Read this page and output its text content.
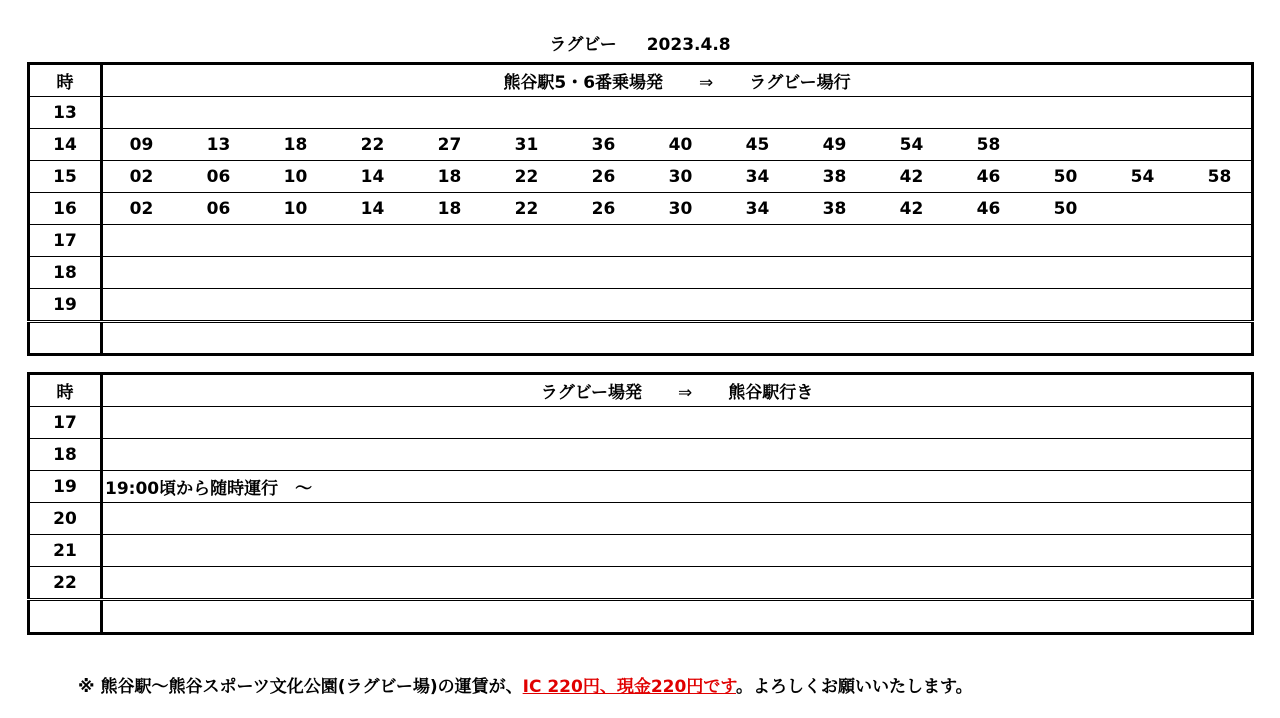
ラグビー 2023.4.8
時	熊谷駅5・6番乗場発 ⇒ ラグビー場行
13	
14	09 13 18 22 27 31 36 40 45 49 54 58
15	02 06 10 14 18 22 26 30 34 38 42 46 50 54 58
16	02 06 10 14 18 22 26 30 34 38 42 46 50
17	
18	
19	

時	ラグビー場発 ⇒ 熊谷駅行き
17	
18	
19	19:00頃から随時運行　～
20	
21	
22	

※ 熊谷駅～熊谷スポーツ文化公園(ラグビー場)の運賃が、IC 220円、現金220円です。よろしくお願いいたします。
